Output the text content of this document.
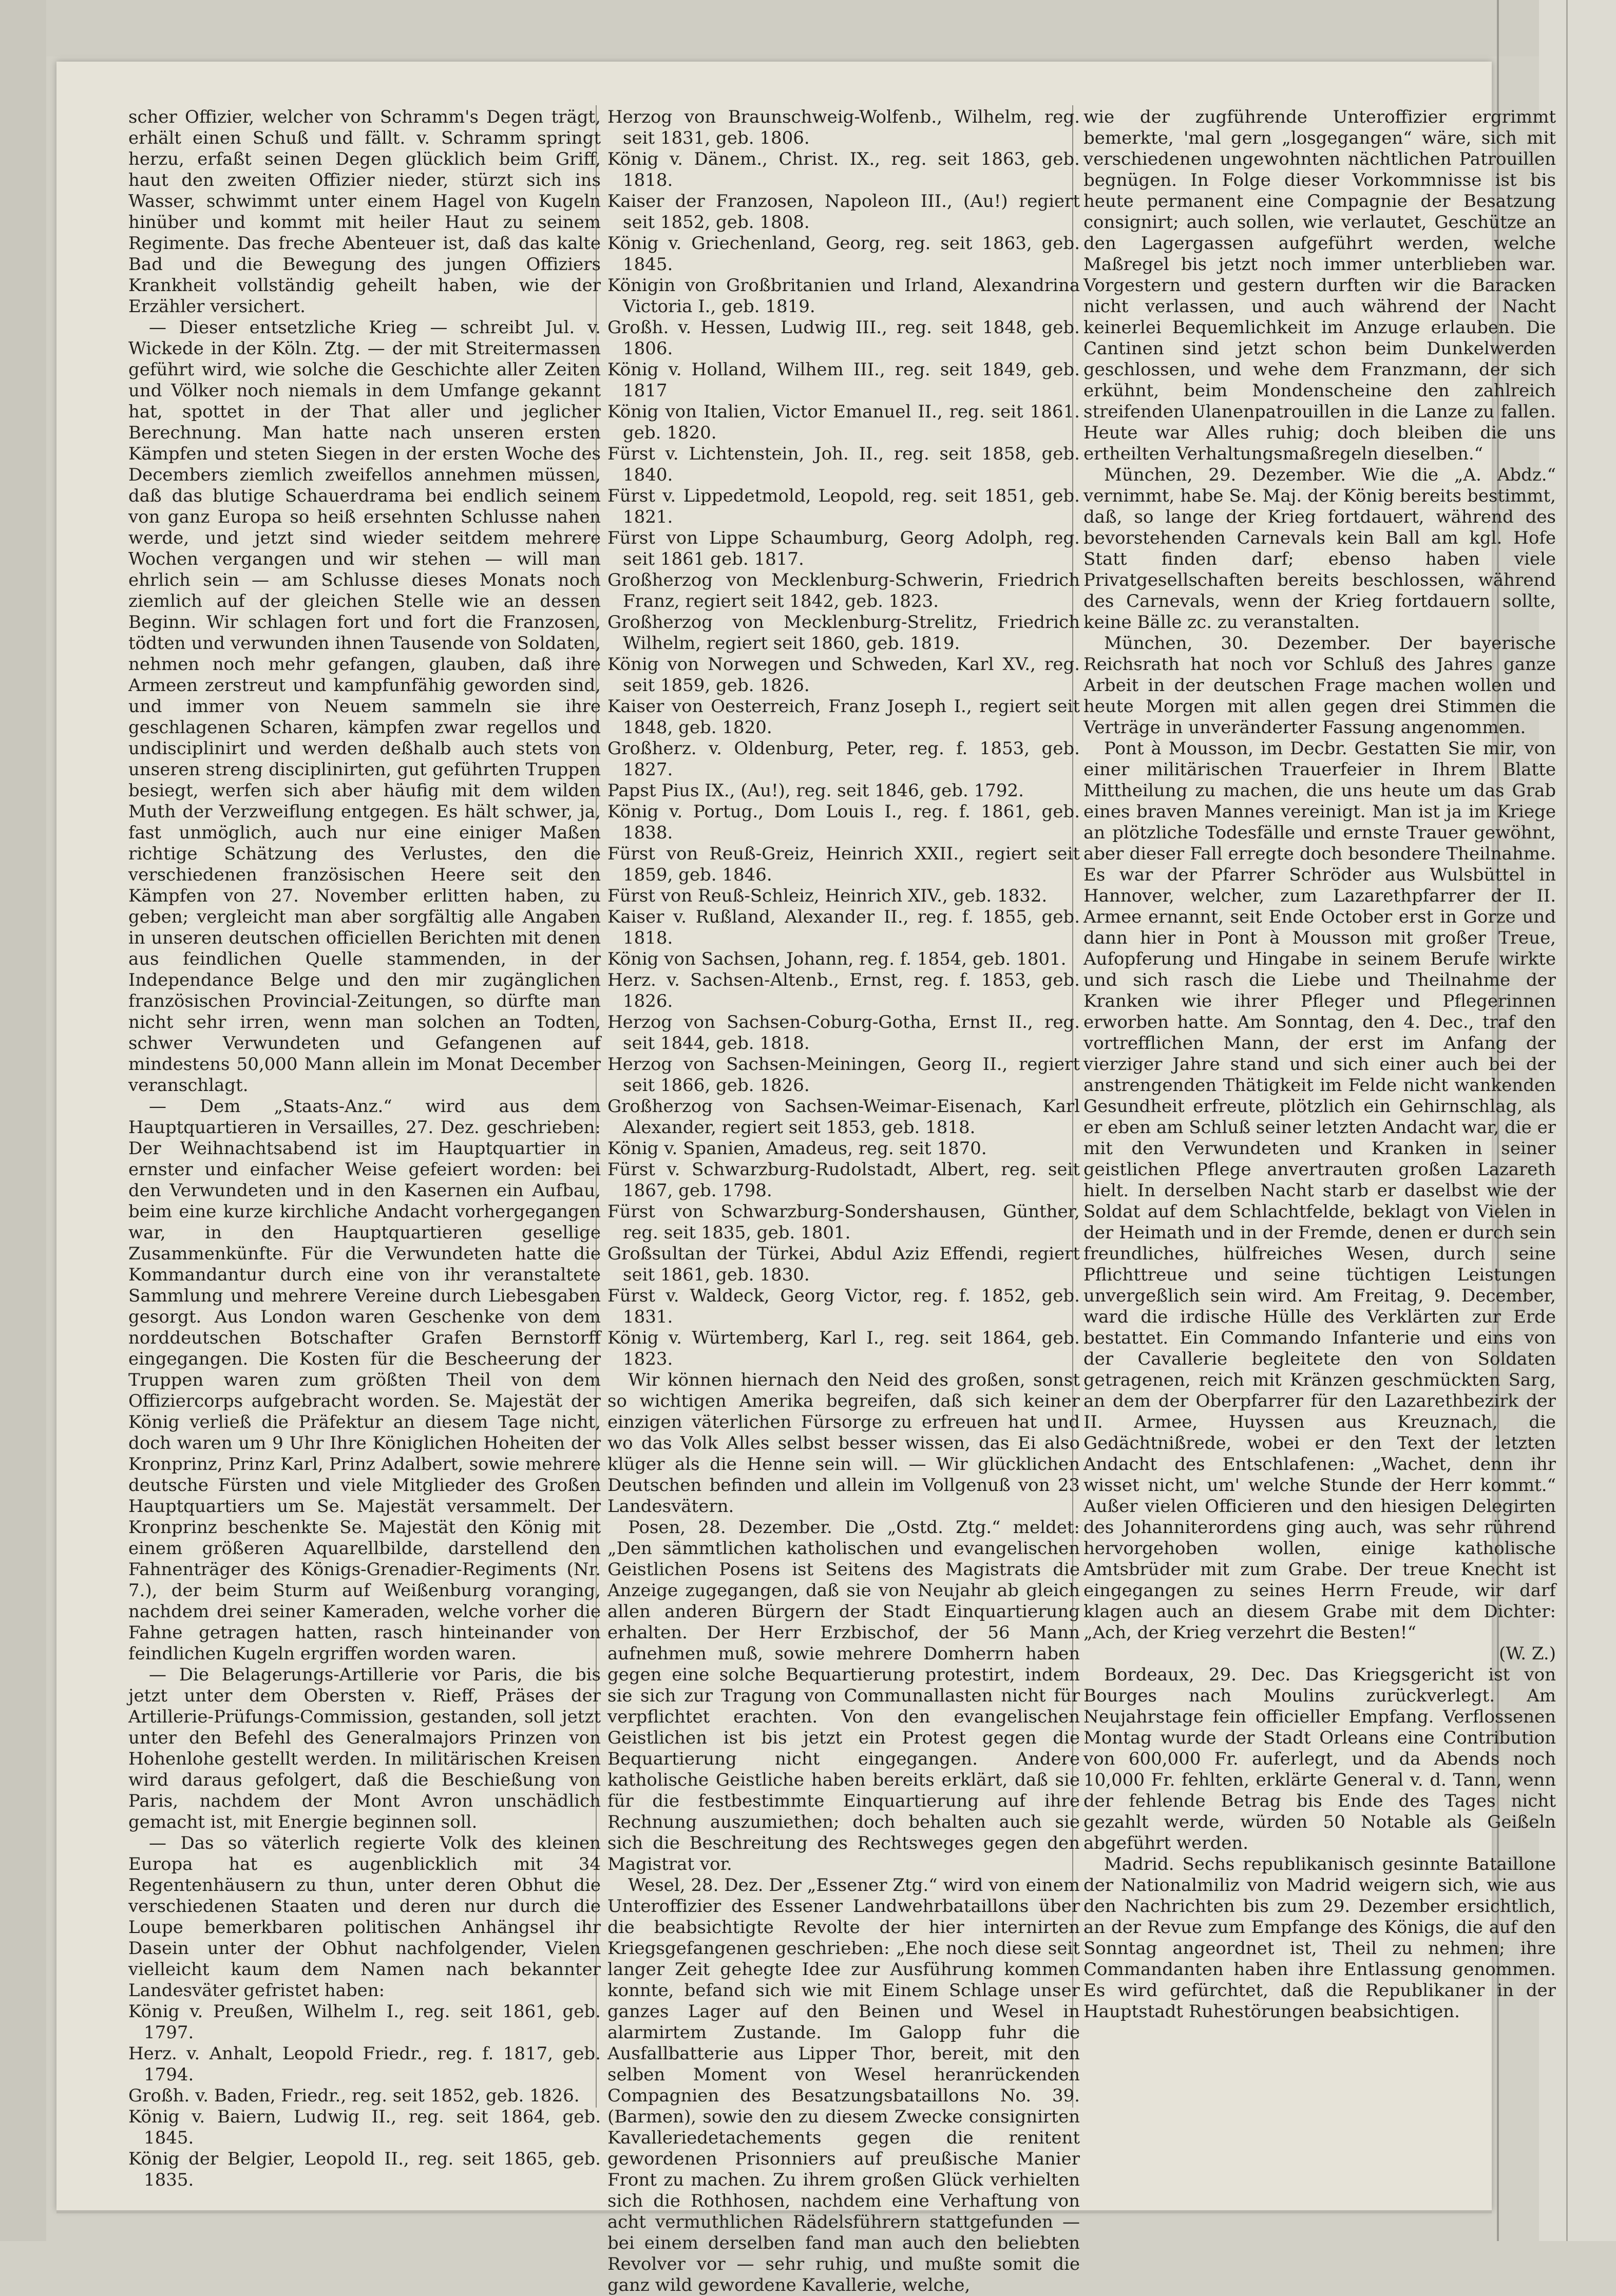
scher Offizier, welcher von Schramm's Degen trägt, erhält einen Schuß und fällt. v. Schramm springt herzu, erfaßt seinen Degen glücklich beim Griff, haut den zweiten Offizier nieder, stürzt sich ins Wasser, schwimmt unter einem Hagel von Kugeln hinüber und kommt mit heiler Haut zu seinem Regimente. Das freche Abenteuer ist, daß das kalte Bad und die Bewegung des jungen Offiziers Krankheit vollständig geheilt haben, wie der Erzähler versichert.

— Dieser entsetzliche Krieg — schreibt Jul. v. Wickede in der Köln. Ztg. — der mit Streitermassen geführt wird, wie solche die Geschichte aller Zeiten und Völker noch niemals in dem Umfange gekannt hat, spottet in der That aller und jeglicher Berechnung. Man hatte nach unseren ersten Kämpfen und steten Siegen in der ersten Woche des Decembers ziemlich zweifellos annehmen müssen, daß das blutige Schauerdrama bei endlich seinem von ganz Europa so heiß ersehnten Schlusse nahen werde, und jetzt sind wieder seitdem mehrere Wochen vergangen und wir stehen — will man ehrlich sein — am Schlusse dieses Monats noch ziemlich auf der gleichen Stelle wie an dessen Beginn. Wir schlagen fort und fort die Franzosen, tödten und verwunden ihnen Tausende von Soldaten, nehmen noch mehr gefangen, glauben, daß ihre Armeen zerstreut und kampfunfähig geworden sind, und immer von Neuem sammeln sie ihre geschlagenen Scharen, kämpfen zwar regellos und undisciplinirt und werden deßhalb auch stets von unseren streng disciplinirten, gut geführten Truppen besiegt, werfen sich aber häufig mit dem wilden Muth der Verzweiflung entgegen. Es hält schwer, ja, fast unmöglich, auch nur eine einiger Maßen richtige Schätzung des Verlustes, den die verschiedenen französischen Heere seit den Kämpfen von 27. November erlitten haben, zu geben; vergleicht man aber sorgfältig alle Angaben in unseren deutschen officiellen Berichten mit denen aus feindlichen Quelle stammenden, in der Independance Belge und den mir zugänglichen französischen Provincial-Zeitungen, so dürfte man nicht sehr irren, wenn man solchen an Todten, schwer Verwundeten und Gefangenen auf mindestens 50,000 Mann allein im Monat December veranschlagt.

— Dem „Staats-Anz.“ wird aus dem Hauptquartieren in Versailles, 27. Dez. geschrieben: Der Weihnachtsabend ist im Hauptquartier in ernster und einfacher Weise gefeiert worden: bei den Verwundeten und in den Kasernen ein Aufbau, beim eine kurze kirchliche Andacht vorhergegangen war, in den Hauptquartieren gesellige Zusammenkünfte. Für die Verwundeten hatte die Kommandantur durch eine von ihr veranstaltete Sammlung und mehrere Vereine durch Liebesgaben gesorgt. Aus London waren Geschenke von dem norddeutschen Botschafter Grafen Bernstorff eingegangen. Die Kosten für die Bescheerung der Truppen waren zum größten Theil von dem Offiziercorps aufgebracht worden. Se. Majestät der König verließ die Präfektur an diesem Tage nicht, doch waren um 9 Uhr Ihre Königlichen Hoheiten der Kronprinz, Prinz Karl, Prinz Adalbert, sowie mehrere deutsche Fürsten und viele Mitglieder des Großen Hauptquartiers um Se. Majestät versammelt. Der Kronprinz beschenkte Se. Majestät den König mit einem größeren Aquarellbilde, darstellend den Fahnenträger des Königs-Grenadier-Regiments (Nr. 7.), der beim Sturm auf Weißenburg voranging, nachdem drei seiner Kameraden, welche vorher die Fahne getragen hatten, rasch hinteinander von feindlichen Kugeln ergriffen worden waren.

— Die Belagerungs-Artillerie vor Paris, die bis jetzt unter dem Obersten v. Rieff, Präses der Artillerie-Prüfungs-Commission, gestanden, soll jetzt unter den Befehl des Generalmajors Prinzen von Hohenlohe gestellt werden. In militärischen Kreisen wird daraus gefolgert, daß die Beschießung von Paris, nachdem der Mont Avron unschädlich gemacht ist, mit Energie beginnen soll.

— Das so väterlich regierte Volk des kleinen Europa hat es augenblicklich mit 34 Regentenhäusern zu thun, unter deren Obhut die verschiedenen Staaten und deren nur durch die Loupe bemerkbaren politischen Anhängsel ihr Dasein unter der Obhut nachfolgender, Vielen vielleicht kaum dem Namen nach bekannter Landesväter gefristet haben:

König v. Preußen, Wilhelm I., reg. seit 1861, geb. 1797.

Herz. v. Anhalt, Leopold Friedr., reg. f. 1817, geb. 1794.

Großh. v. Baden, Friedr., reg. seit 1852, geb. 1826.

König v. Baiern, Ludwig II., reg. seit 1864, geb. 1845.

König der Belgier, Leopold II., reg. seit 1865, geb. 1835.

Herzog von Braunschweig-Wolfenb., Wilhelm, reg. seit 1831, geb. 1806.

König v. Dänem., Christ. IX., reg. seit 1863, geb. 1818.

Kaiser der Franzosen, Napoleon III., (Au!) regiert seit 1852, geb. 1808.

König v. Griechenland, Georg, reg. seit 1863, geb. 1845.

Königin von Großbritanien und Irland, Alexandrina Victoria I., geb. 1819.

Großh. v. Hessen, Ludwig III., reg. seit 1848, geb. 1806.

König v. Holland, Wilhem III., reg. seit 1849, geb. 1817

König von Italien, Victor Emanuel II., reg. seit 1861. geb. 1820.

Fürst v. Lichtenstein, Joh. II., reg. seit 1858, geb. 1840.

Fürst v. Lippedetmold, Leopold, reg. seit 1851, geb. 1821.

Fürst von Lippe Schaumburg, Georg Adolph, reg. seit 1861 geb. 1817.

Großherzog von Mecklenburg-Schwerin, Friedrich Franz, regiert seit 1842, geb. 1823.

Großherzog von Mecklenburg-Strelitz, Friedrich Wilhelm, regiert seit 1860, geb. 1819.

König von Norwegen und Schweden, Karl XV., reg. seit 1859, geb. 1826.

Kaiser von Oesterreich, Franz Joseph I., regiert seit 1848, geb. 1820.

Großherz. v. Oldenburg, Peter, reg. f. 1853, geb. 1827.

Papst Pius IX., (Au!), reg. seit 1846, geb. 1792.

König v. Portug., Dom Louis I., reg. f. 1861, geb. 1838.

Fürst von Reuß-Greiz, Heinrich XXII., regiert seit 1859, geb. 1846.

Fürst von Reuß-Schleiz, Heinrich XIV., geb. 1832.

Kaiser v. Rußland, Alexander II., reg. f. 1855, geb. 1818.

König von Sachsen, Johann, reg. f. 1854, geb. 1801.

Herz. v. Sachsen-Altenb., Ernst, reg. f. 1853, geb. 1826.

Herzog von Sachsen-Coburg-Gotha, Ernst II., reg. seit 1844, geb. 1818.

Herzog von Sachsen-Meiningen, Georg II., regiert seit 1866, geb. 1826.

Großherzog von Sachsen-Weimar-Eisenach, Karl Alexander, regiert seit 1853, geb. 1818.

König v. Spanien, Amadeus, reg. seit 1870.

Fürst v. Schwarzburg-Rudolstadt, Albert, reg. seit 1867, geb. 1798.

Fürst von Schwarzburg-Sondershausen, Günther, reg. seit 1835, geb. 1801.

Großsultan der Türkei, Abdul Aziz Effendi, regiert seit 1861, geb. 1830.

Fürst v. Waldeck, Georg Victor, reg. f. 1852, geb. 1831.

König v. Würtemberg, Karl I., reg. seit 1864, geb. 1823.

Wir können hiernach den Neid des großen, sonst so wichtigen Amerika begreifen, daß sich keiner einzigen väterlichen Fürsorge zu erfreuen hat und wo das Volk Alles selbst besser wissen, das Ei also klüger als die Henne sein will. — Wir glücklichen Deutschen befinden und allein im Vollgenuß von 23 Landesvätern.

Posen, 28. Dezember. Die „Ostd. Ztg.“ meldet: „Den sämmtlichen katholischen und evangelischen Geistlichen Posens ist Seitens des Magistrats die Anzeige zugegangen, daß sie von Neujahr ab gleich allen anderen Bürgern der Stadt Einquartierung erhalten. Der Herr Erzbischof, der 56 Mann aufnehmen muß, sowie mehrere Domherrn haben gegen eine solche Bequartierung protestirt, indem sie sich zur Tragung von Communallasten nicht für verpflichtet erachten. Von den evangelischen Geistlichen ist bis jetzt ein Protest gegen die Bequartierung nicht eingegangen. Andere katholische Geistliche haben bereits erklärt, daß sie für die festbestimmte Einquartierung auf ihre Rechnung auszumiethen; doch behalten auch sie sich die Beschreitung des Rechtsweges gegen den Magistrat vor.

Wesel, 28. Dez. Der „Essener Ztg.“ wird von einem Unteroffizier des Essener Landwehrbataillons über die beabsichtigte Revolte der hier internirten Kriegsgefangenen geschrieben: „Ehe noch diese seit langer Zeit gehegte Idee zur Ausführung kommen konnte, befand sich wie mit Einem Schlage unser ganzes Lager auf den Beinen und Wesel in alarmirtem Zustande. Im Galopp fuhr die Ausfallbatterie aus Lipper Thor, bereit, mit den selben Moment von Wesel heranrückenden Compagnien des Besatzungsbataillons No. 39. (Barmen), sowie den zu diesem Zwecke consignirten Kavalleriedetachements gegen die renitent gewordenen Prisonniers auf preußische Manier Front zu machen. Zu ihrem großen Glück verhielten sich die Rothhosen, nachdem eine Verhaftung von acht vermuthlichen Rädelsführern stattgefunden — bei einem derselben fand man auch den beliebten Revolver vor — sehr ruhig, und mußte somit die ganz wild gewordene Kavallerie, welche,

wie der zugführende Unteroffizier ergrimmt bemerkte, 'mal gern „losgegangen“ wäre, sich mit verschiedenen ungewohnten nächtlichen Patrouillen begnügen. In Folge dieser Vorkommnisse ist bis heute permanent eine Compagnie der Besatzung consignirt; auch sollen, wie verlautet, Geschütze an den Lagergassen aufgeführt werden, welche Maßregel bis jetzt noch immer unterblieben war. Vorgestern und gestern durften wir die Baracken nicht verlassen, und auch während der Nacht keinerlei Bequemlichkeit im Anzuge erlauben. Die Cantinen sind jetzt schon beim Dunkelwerden geschlossen, und wehe dem Franzmann, der sich erkühnt, beim Mondenscheine den zahlreich streifenden Ulanenpatrouillen in die Lanze zu fallen. Heute war Alles ruhig; doch bleiben die uns ertheilten Verhaltungsmaßregeln dieselben.“

München, 29. Dezember. Wie die „A. Abdz.“ vernimmt, habe Se. Maj. der König bereits bestimmt, daß, so lange der Krieg fortdauert, während des bevorstehenden Carnevals kein Ball am kgl. Hofe Statt finden darf; ebenso haben viele Privatgesellschaften bereits beschlossen, während des Carnevals, wenn der Krieg fortdauern sollte, keine Bälle zc. zu veranstalten.

München, 30. Dezember. Der bayerische Reichsrath hat noch vor Schluß des Jahres ganze Arbeit in der deutschen Frage machen wollen und heute Morgen mit allen gegen drei Stimmen die Verträge in unveränderter Fassung angenommen.

Pont à Mousson, im Decbr. Gestatten Sie mir, von einer militärischen Trauerfeier in Ihrem Blatte Mittheilung zu machen, die uns heute um das Grab eines braven Mannes vereinigt. Man ist ja im Kriege an plötzliche Todesfälle und ernste Trauer gewöhnt, aber dieser Fall erregte doch besondere Theilnahme. Es war der Pfarrer Schröder aus Wulsbüttel in Hannover, welcher, zum Lazarethpfarrer der II. Armee ernannt, seit Ende October erst in Gorze und dann hier in Pont à Mousson mit großer Treue, Aufopferung und Hingabe in seinem Berufe wirkte und sich rasch die Liebe und Theilnahme der Kranken wie ihrer Pfleger und Pflegerinnen erworben hatte. Am Sonntag, den 4. Dec., traf den vortrefflichen Mann, der erst im Anfang der vierziger Jahre stand und sich einer auch bei der anstrengenden Thätigkeit im Felde nicht wankenden Gesundheit erfreute, plötzlich ein Gehirnschlag, als er eben am Schluß seiner letzten Andacht war, die er mit den Verwundeten und Kranken in seiner geistlichen Pflege anvertrauten großen Lazareth hielt. In derselben Nacht starb er daselbst wie der Soldat auf dem Schlachtfelde, beklagt von Vielen in der Heimath und in der Fremde, denen er durch sein freundliches, hülfreiches Wesen, durch seine Pflichttreue und seine tüchtigen Leistungen unvergeßlich sein wird. Am Freitag, 9. December, ward die irdische Hülle des Verklärten zur Erde bestattet. Ein Commando Infanterie und eins von der Cavallerie begleitete den von Soldaten getragenen, reich mit Kränzen geschmückten Sarg, an dem der Oberpfarrer für den Lazarethbezirk der II. Armee, Huyssen aus Kreuznach, die Gedächtnißrede, wobei er den Text der letzten Andacht des Entschlafenen: „Wachet, denn ihr wisset nicht, um' welche Stunde der Herr kommt.“ Außer vielen Officieren und den hiesigen Delegirten des Johanniterordens ging auch, was sehr rührend hervorgehoben wollen, einige katholische Amtsbrüder mit zum Grabe. Der treue Knecht ist eingegangen zu seines Herrn Freude, wir darf klagen auch an diesem Grabe mit dem Dichter: „Ach, der Krieg verzehrt die Besten!“

(W. Z.)

Bordeaux, 29. Dec. Das Kriegsgericht ist von Bourges nach Moulins zurückverlegt. Am Neujahrstage fein officieller Empfang. Verflossenen Montag wurde der Stadt Orleans eine Contribution von 600,000 Fr. auferlegt, und da Abends noch 10,000 Fr. fehlten, erklärte General v. d. Tann, wenn der fehlende Betrag bis Ende des Tages nicht gezahlt werde, würden 50 Notable als Geißeln abgeführt werden.

Madrid. Sechs republikanisch gesinnte Bataillone der Nationalmiliz von Madrid weigern sich, wie aus den Nachrichten bis zum 29. Dezember ersichtlich, an der Revue zum Empfange des Königs, die auf den Sonntag angeordnet ist, Theil zu nehmen; ihre Commandanten haben ihre Entlassung genommen. Es wird gefürchtet, daß die Republikaner in der Hauptstadt Ruhestörungen beabsichtigen.
